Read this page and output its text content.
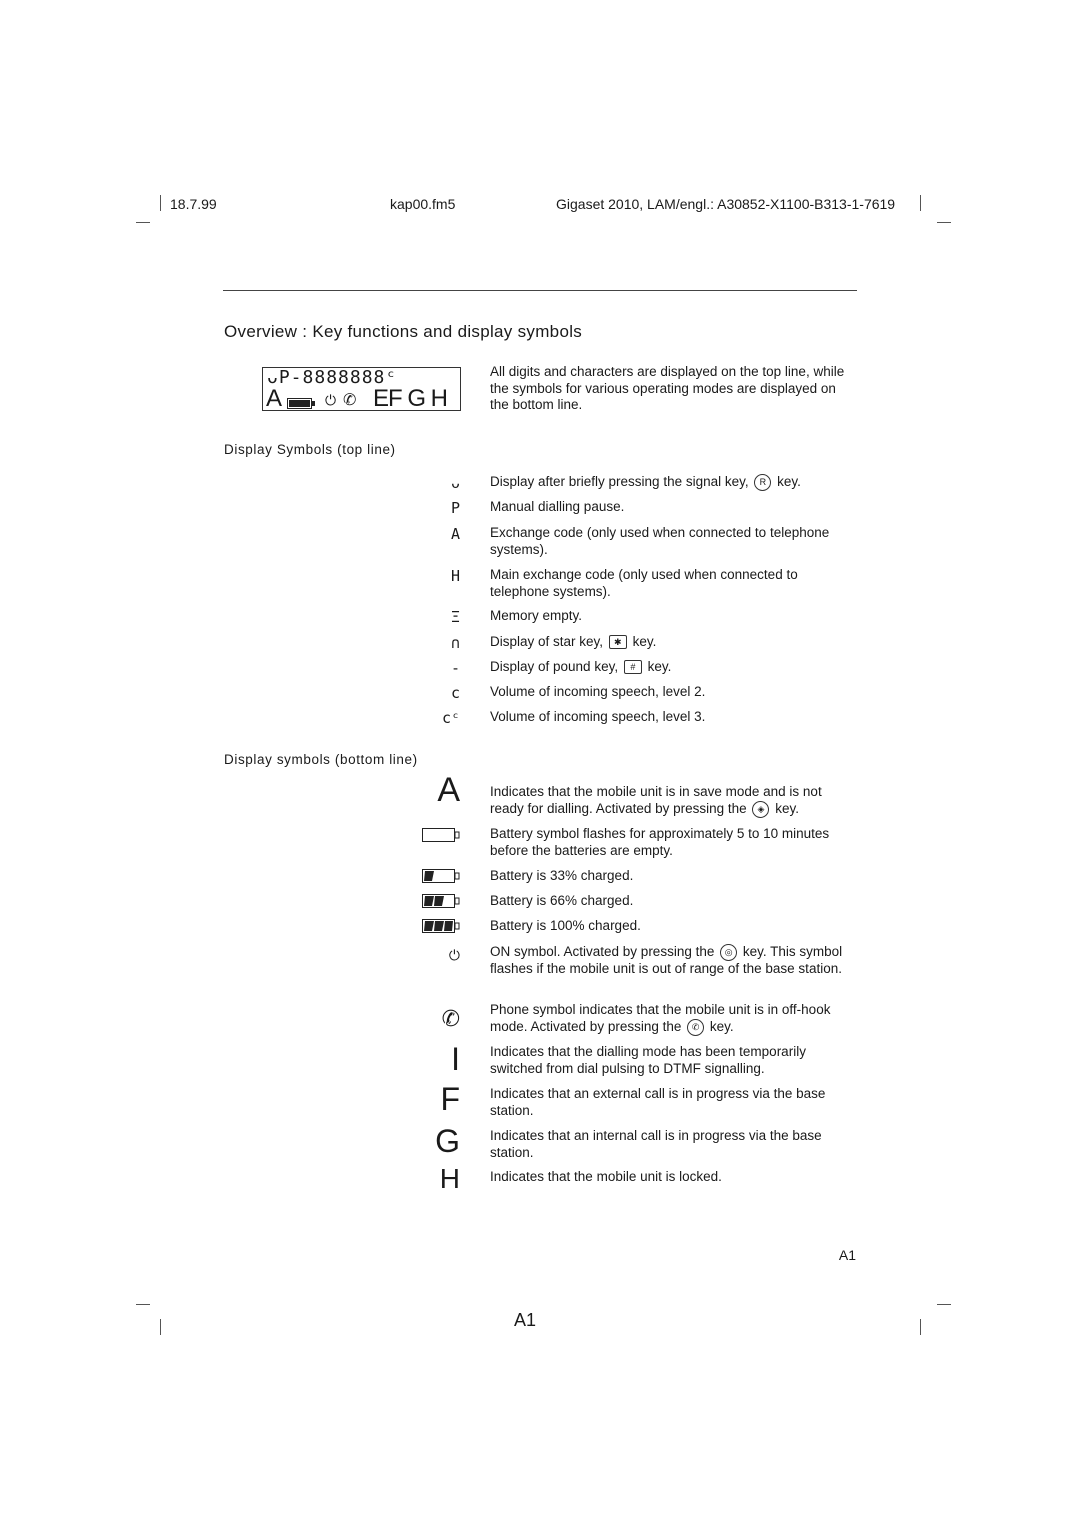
18.7.99	kap00.fm5	Gigaset 2010, LAM/engl.: A30852-X1100-B313-1-7619
Overview : Key functions and display symbols
ᴗP-8888888ᶜ
A	⏻ ✆ EF G H
All digits and characters are displayed on the top line, while the symbols for various operating modes are displayed on the bottom line.
Display Symbols (top line)
ᴗ Display after briefly pressing the signal key, R key.
P Manual dialling pause.
A Exchange code (only used when connected to telephone systems).
H Main exchange code (only used when connected to telephone systems).
Ξ Memory empty.
∩ Display of star key, ✱ key.
- Display of pound key, # key.
c Volume of incoming speech, level 2.
cᶜ Volume of incoming speech, level 3.
Display symbols (bottom line)
A Indicates that the mobile unit is in save mode and is not ready for dialling. Activated by pressing the ◈ key.
Battery symbol flashes for approximately 5 to 10 minutes before the batteries are empty.
Battery is 33% charged.
Battery is 66% charged.
Battery is 100% charged.
⏻ ON symbol. Activated by pressing the ◎ key. This symbol flashes if the mobile unit is out of range of the base station.
✆ Phone symbol indicates that the mobile unit is in off-hook mode. Activated by pressing the ✆ key.
I Indicates that the dialling mode has been temporarily switched from dial pulsing to DTMF signalling.
F Indicates that an external call is in progress via the base station.
G Indicates that an internal call is in progress via the base station.
H Indicates that the mobile unit is locked.
A1
A1
